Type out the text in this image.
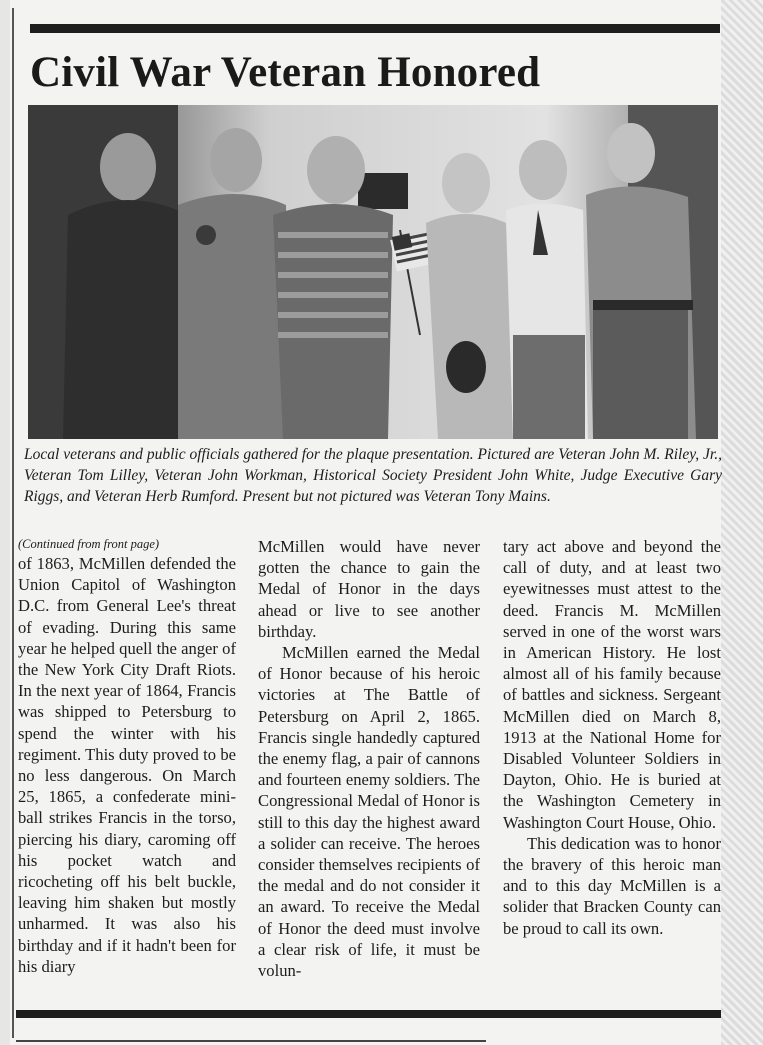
Civil War Veteran Honored

Local veterans and public officials gathered for the plaque presentation. Pictured are Veteran John M. Riley, Jr., Veteran Tom Lilley, Veteran John Workman, Historical Society President John White, Judge Executive Gary Riggs, and Veteran Herb Rumford. Present but not pictured was Veteran Tony Mains.

(Continued from front page)

of 1863, McMillen defended the Union Capitol of Washington D.C. from General Lee's threat of evading. During this same year he helped quell the anger of the New York City Draft Riots. In the next year of 1864, Francis was shipped to Petersburg to spend the winter with his regiment. This duty proved to be no less dangerous. On March 25, 1865, a confederate mini-ball strikes Francis in the torso, piercing his diary, caroming off his pocket watch and ricocheting off his belt buckle, leaving him shaken but mostly unharmed. It was also his birthday and if it hadn't been for his diary

McMillen would have never gotten the chance to gain the Medal of Honor in the days ahead or live to see another birthday.

McMillen earned the Medal of Honor because of his heroic victories at The Battle of Petersburg on April 2, 1865. Francis single handedly captured the enemy flag, a pair of cannons and fourteen enemy soldiers. The Congressional Medal of Honor is still to this day the highest award a solider can receive. The heroes consider themselves recipients of the medal and do not consider it an award. To receive the Medal of Honor the deed must involve a clear risk of life, it must be volun-

tary act above and beyond the call of duty, and at least two eyewitnesses must attest to the deed. Francis M. McMillen served in one of the worst wars in American History. He lost almost all of his family because of battles and sickness. Sergeant McMillen died on March 8, 1913 at the National Home for Disabled Volunteer Soldiers in Dayton, Ohio. He is buried at the Washington Cemetery in Washington Court House, Ohio.

This dedication was to honor the bravery of this heroic man and to this day McMillen is a solider that Bracken County can be proud to call its own.
